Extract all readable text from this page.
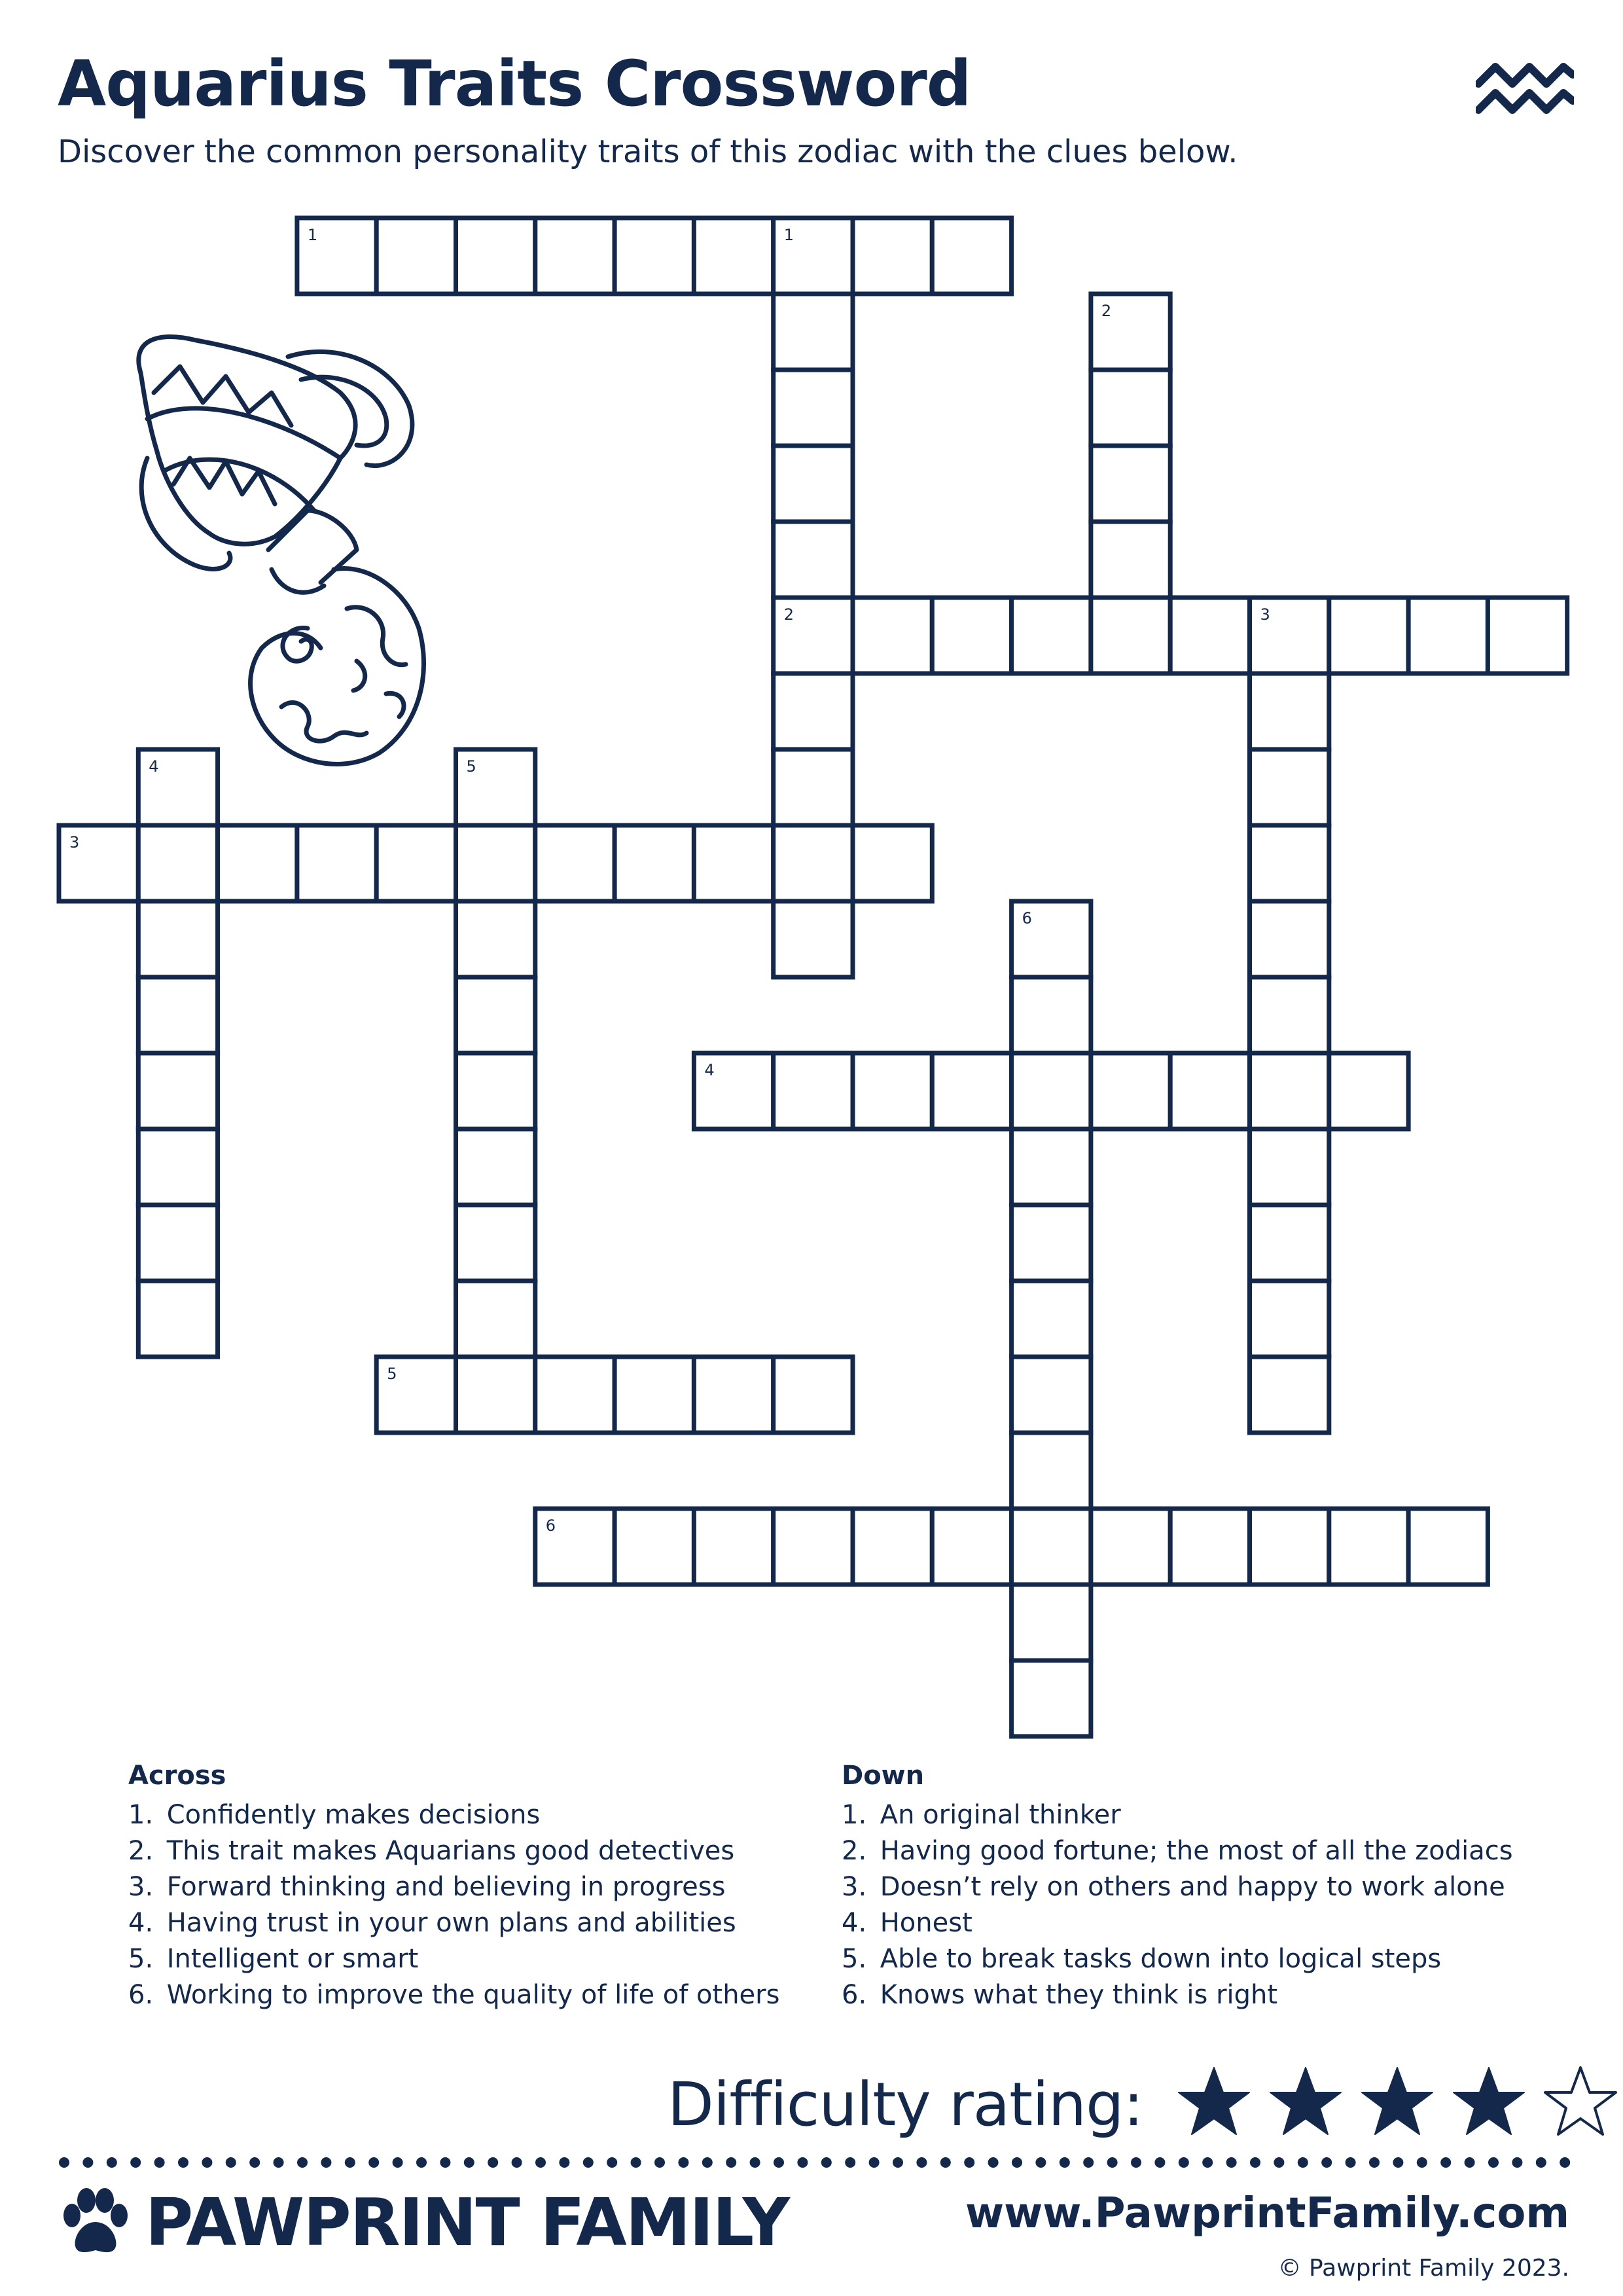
Aquarius Traits Crossword

Discover the common personality traits of this zodiac with the clues below.

1
2
3
4
5
6
1
2
3
4	5
6
Across
1. Confidently makes decisions
2. This trait makes Aquarians good detectives
3. Forward thinking and believing in progress
4. Having trust in your own plans and abilities
5. Intelligent or smart
6. Working to improve the quality of life of others
Down
1. An original thinker
2. Having good fortune; the most of all the zodiacs
3. Doesn’t rely on others and happy to work alone
4. Honest
5. Able to break tasks down into logical steps
6. Knows what they think is right
Difficulty rating:
PAWPRINT FAMILY	www.PawprintFamily.com
© Pawprint Family 2023.
